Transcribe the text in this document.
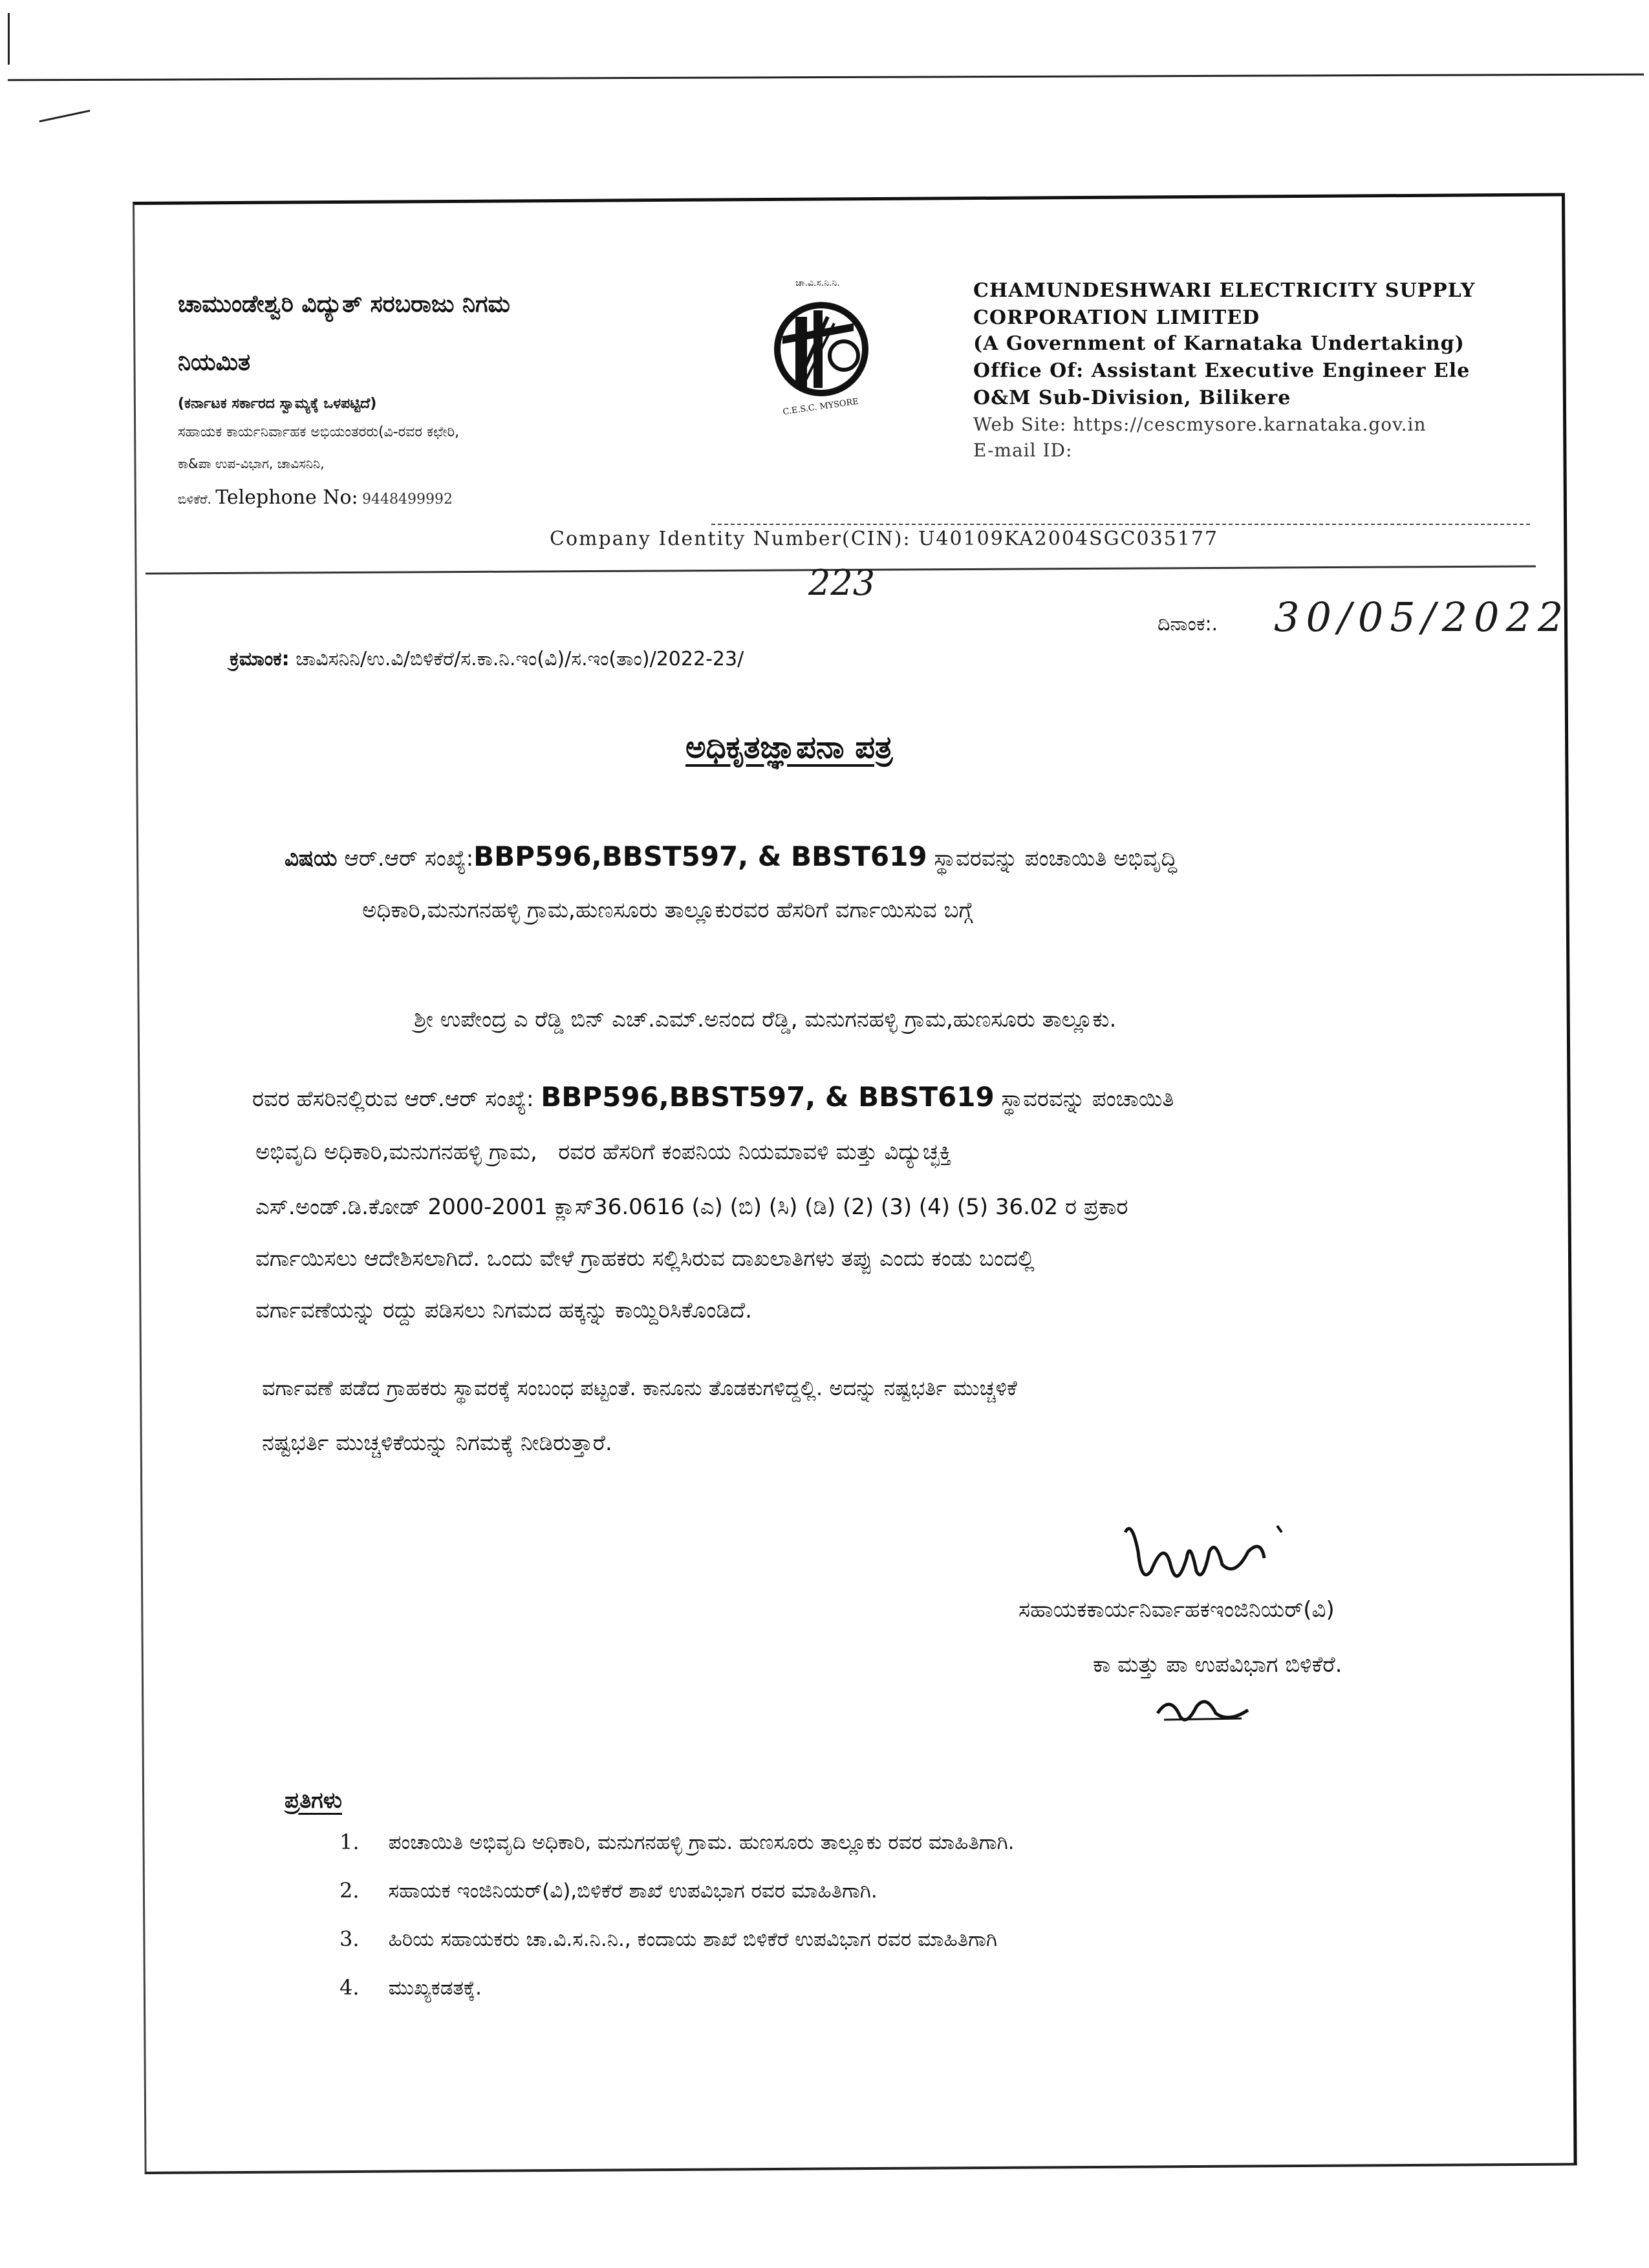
ಚಾಮುಂಡೇಶ್ವರಿ ವಿದ್ಯುತ್ ಸರಬರಾಜು ನಿಗಮ
ನಿಯಮಿತ
(ಕರ್ನಾಟಕ ಸರ್ಕಾರದ ಸ್ವಾಮ್ಯಕ್ಕೆ ಒಳಪಟ್ಟಿದೆ)
ಸಹಾಯಕ ಕಾರ್ಯನಿರ್ವಾಹಕ ಅಭಿಯಂತರರು(ವಿ-ರವರ ಕಛೇರಿ,
ಕಾ&ಪಾ ಉಪ-ವಿಭಾಗ, ಚಾವಿಸನಿನಿ,
ಬಿಳಿಕೆರೆ. Telephone No: 9448499992
ಚಾ.ವಿ.ಸ.ನಿ.ನಿ.
C.E.S.C. MYSORE
CHAMUNDESHWARI ELECTRICITY SUPPLY
CORPORATION LIMITED
(A Government of Karnataka Undertaking)
Office Of: Assistant Executive Engineer Ele
O&M Sub-Division, Bilikere
Web Site: https://cescmysore.karnataka.gov.in
E-mail ID:
Company Identity Number(CIN): U40109KA2004SGC035177
223
ಕ್ರಮಾಂಕ: ಚಾವಿಸನಿನಿ/ಉ.ವಿ/ಬಿಳಿಕೆರೆ/ಸ.ಕಾ.ನಿ.ಇಂ(ವಿ)/ಸ.ಇಂ(ತಾಂ)/2022-23/
ದಿನಾಂಕ:. 30/05/2022
ಅಧಿಕೃತಜ್ಞಾಪನಾ ಪತ್ರ
ವಿಷಯ ಆರ್.ಆರ್ ಸಂಖ್ಯೆ:BBP596,BBST597, & BBST619 ಸ್ಥಾವರವನ್ನು ಪಂಚಾಯಿತಿ ಅಭಿವೃದ್ಧಿ
ಅಧಿಕಾರಿ,ಮನುಗನಹಳ್ಳಿ ಗ್ರಾಮ,ಹುಣಸೂರು ತಾಲ್ಲೂಕುರವರ ಹೆಸರಿಗೆ ವರ್ಗಾಯಿಸುವ ಬಗ್ಗೆ
ಶ್ರೀ ಉಪೇಂದ್ರ ಎ ರೆಡ್ಡಿ ಬಿನ್ ಎಚ್.ಎಮ್.ಅನಂದ ರೆಡ್ಡಿ, ಮನುಗನಹಳ್ಳಿ ಗ್ರಾಮ,ಹುಣಸೂರು ತಾಲ್ಲೂಕು.
ರವರ ಹೆಸರಿನಲ್ಲಿರುವ ಆರ್.ಆರ್ ಸಂಖ್ಯೆ: BBP596,BBST597, & BBST619 ಸ್ಥಾವರವನ್ನು ಪಂಚಾಯಿತಿ
ಅಭಿವೃದಿ ಅಧಿಕಾರಿ,ಮನುಗನಹಳ್ಳಿ ಗ್ರಾಮ,   ರವರ ಹೆಸರಿಗೆ ಕಂಪನಿಯ ನಿಯಮಾವಳಿ ಮತ್ತು ವಿದ್ಯುಚ್ಛಕ್ತಿ
ಎಸ್.ಅಂಡ್.ಡಿ.ಕೋಡ್ 2000-2001 ಕ್ಲಾಸ್36.0616 (ಎ) (ಬಿ) (ಸಿ) (ಡಿ) (2) (3) (4) (5) 36.02 ರ ಪ್ರಕಾರ
ವರ್ಗಾಯಿಸಲು ಆದೇಶಿಸಲಾಗಿದೆ. ಒಂದು ವೇಳೆ ಗ್ರಾಹಕರು ಸಲ್ಲಿಸಿರುವ ದಾಖಲಾತಿಗಳು ತಪ್ಪು ಎಂದು ಕಂಡು ಬಂದಲ್ಲಿ
ವರ್ಗಾವಣೆಯನ್ನು ರದ್ದು ಪಡಿಸಲು ನಿಗಮದ ಹಕ್ಕನ್ನು ಕಾಯ್ದಿರಿಸಿಕೊಂಡಿದೆ.
ವರ್ಗಾವಣೆ ಪಡೆದ ಗ್ರಾಹಕರು ಸ್ಥಾವರಕ್ಕೆ ಸಂಬಂಧ ಪಟ್ಟಂತೆ. ಕಾನೂನು ತೊಡಕುಗಳಿದ್ದಲ್ಲಿ. ಅದನ್ನು ನಷ್ಟಭರ್ತಿ ಮುಚ್ಚಳಿಕೆ
ನಷ್ಟಭರ್ತಿ ಮುಚ್ಚಳಿಕೆಯನ್ನು ನಿಗಮಕ್ಕೆ ನೀಡಿರುತ್ತಾರೆ.
ಸಹಾಯಕಕಾರ್ಯನಿರ್ವಾಹಕಇಂಜಿನಿಯರ್(ವಿ)
ಕಾ ಮತ್ತು ಪಾ ಉಪವಿಭಾಗ ಬಿಳಿಕೆರೆ.
ಪ್ರತಿಗಳು
1. ಪಂಚಾಯಿತಿ ಅಭಿವೃದಿ ಅಧಿಕಾರಿ, ಮನುಗನಹಳ್ಳಿ ಗ್ರಾಮ. ಹುಣಸೂರು ತಾಲ್ಲೂಕು ರವರ ಮಾಹಿತಿಗಾಗಿ.
2. ಸಹಾಯಕ ಇಂಜಿನಿಯರ್(ವಿ),ಬಿಳಿಕೆರೆ ಶಾಖೆ ಉಪವಿಭಾಗ ರವರ ಮಾಹಿತಿಗಾಗಿ.
3. ಹಿರಿಯ ಸಹಾಯಕರು ಚಾ.ವಿ.ಸ.ನಿ.ನಿ., ಕಂದಾಯ ಶಾಖೆ ಬಿಳಿಕೆರೆ ಉಪವಿಭಾಗ ರವರ ಮಾಹಿತಿಗಾಗಿ
4. ಮುಖ್ಯಕಡತಕ್ಕೆ.
